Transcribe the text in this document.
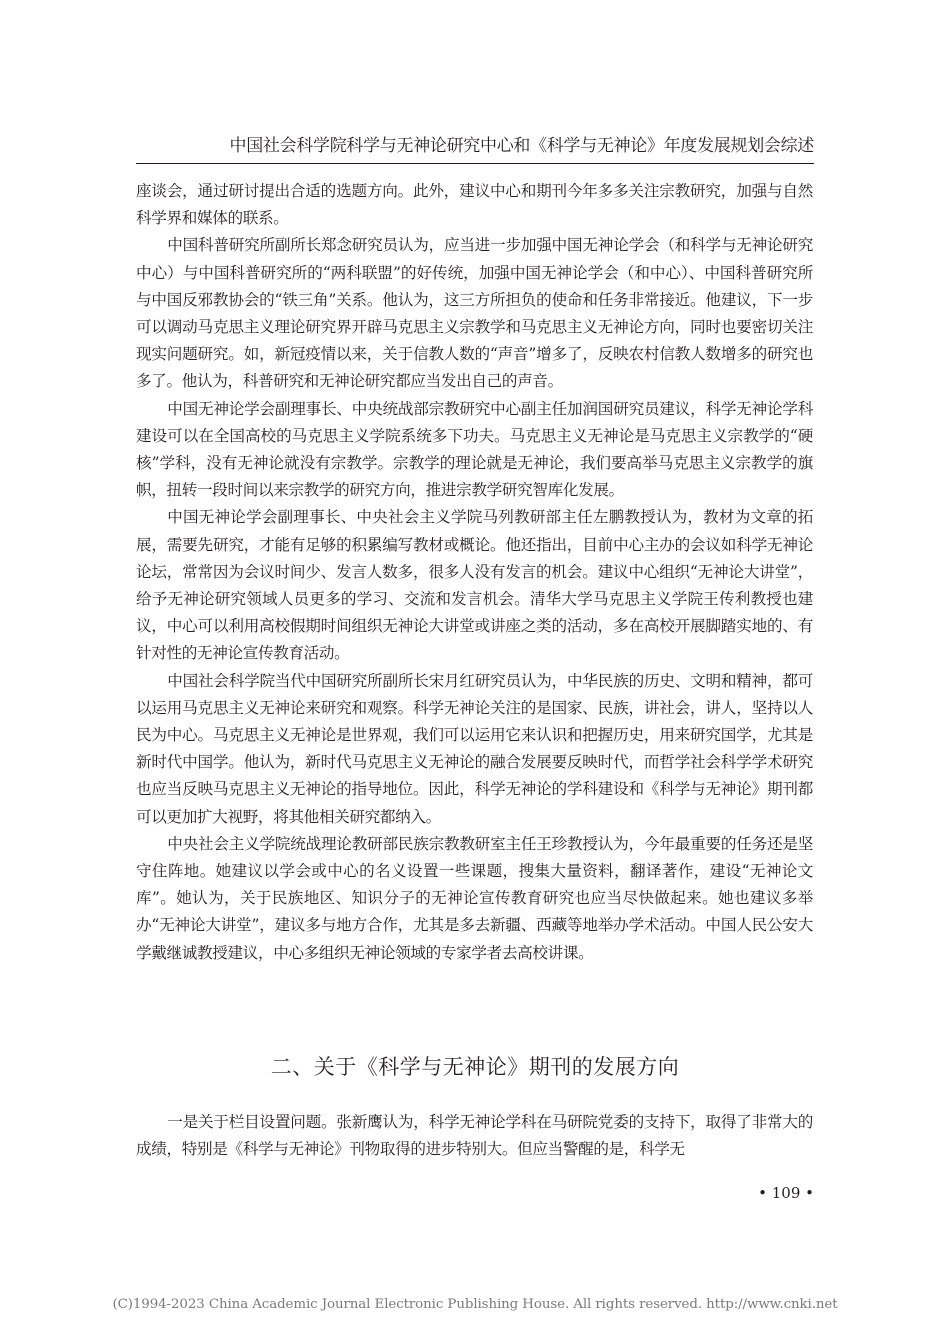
中国社会科学院科学与无神论研究中心和《科学与无神论》年度发展规划会综述

座谈会，通过研讨提出合适的选题方向。此外，建议中心和期刊今年多多关注宗教研究，加强与自然科学界和媒体的联系。

中国科普研究所副所长郑念研究员认为，应当进一步加强中国无神论学会（和科学与无神论研究中心）与中国科普研究所的“两科联盟”的好传统，加强中国无神论学会（和中心）、中国科普研究所与中国反邪教协会的“铁三角”关系。他认为，这三方所担负的使命和任务非常接近。他建议，下一步可以调动马克思主义理论研究界开辟马克思主义宗教学和马克思主义无神论方向，同时也要密切关注现实问题研究。如，新冠疫情以来，关于信教人数的“声音”增多了，反映农村信教人数增多的研究也多了。他认为，科普研究和无神论研究都应当发出自己的声音。

中国无神论学会副理事长、中央统战部宗教研究中心副主任加润国研究员建议，科学无神论学科建设可以在全国高校的马克思主义学院系统多下功夫。马克思主义无神论是马克思主义宗教学的“硬核”学科，没有无神论就没有宗教学。宗教学的理论就是无神论，我们要高举马克思主义宗教学的旗帜，扭转一段时间以来宗教学的研究方向，推进宗教学研究智库化发展。

中国无神论学会副理事长、中央社会主义学院马列教研部主任左鹏教授认为，教材为文章的拓展，需要先研究，才能有足够的积累编写教材或概论。他还指出，目前中心主办的会议如科学无神论论坛，常常因为会议时间少、发言人数多，很多人没有发言的机会。建议中心组织“无神论大讲堂”，给予无神论研究领域人员更多的学习、交流和发言机会。清华大学马克思主义学院王传利教授也建议，中心可以利用高校假期时间组织无神论大讲堂或讲座之类的活动，多在高校开展脚踏实地的、有针对性的无神论宣传教育活动。

中国社会科学院当代中国研究所副所长宋月红研究员认为，中华民族的历史、文明和精神，都可以运用马克思主义无神论来研究和观察。科学无神论关注的是国家、民族，讲社会，讲人，坚持以人民为中心。马克思主义无神论是世界观，我们可以运用它来认识和把握历史，用来研究国学，尤其是新时代中国学。他认为，新时代马克思主义无神论的融合发展要反映时代，而哲学社会科学学术研究也应当反映马克思主义无神论的指导地位。因此，科学无神论的学科建设和《科学与无神论》期刊都可以更加扩大视野，将其他相关研究都纳入。

中央社会主义学院统战理论教研部民族宗教教研室主任王珍教授认为，今年最重要的任务还是坚守住阵地。她建议以学会或中心的名义设置一些课题，搜集大量资料，翻译著作，建设“无神论文库”。她认为，关于民族地区、知识分子的无神论宣传教育研究也应当尽快做起来。她也建议多举办“无神论大讲堂”，建议多与地方合作，尤其是多去新疆、西藏等地举办学术活动。中国人民公安大学戴继诚教授建议，中心多组织无神论领域的专家学者去高校讲课。

二、关于《科学与无神论》期刊的发展方向

一是关于栏目设置问题。张新鹰认为，科学无神论学科在马研院党委的支持下，取得了非常大的成绩，特别是《科学与无神论》刊物取得的进步特别大。但应当警醒的是，科学无

• 109 •
(C)1994-2023 China Academic Journal Electronic Publishing House. All rights reserved. http://www.cnki.net
